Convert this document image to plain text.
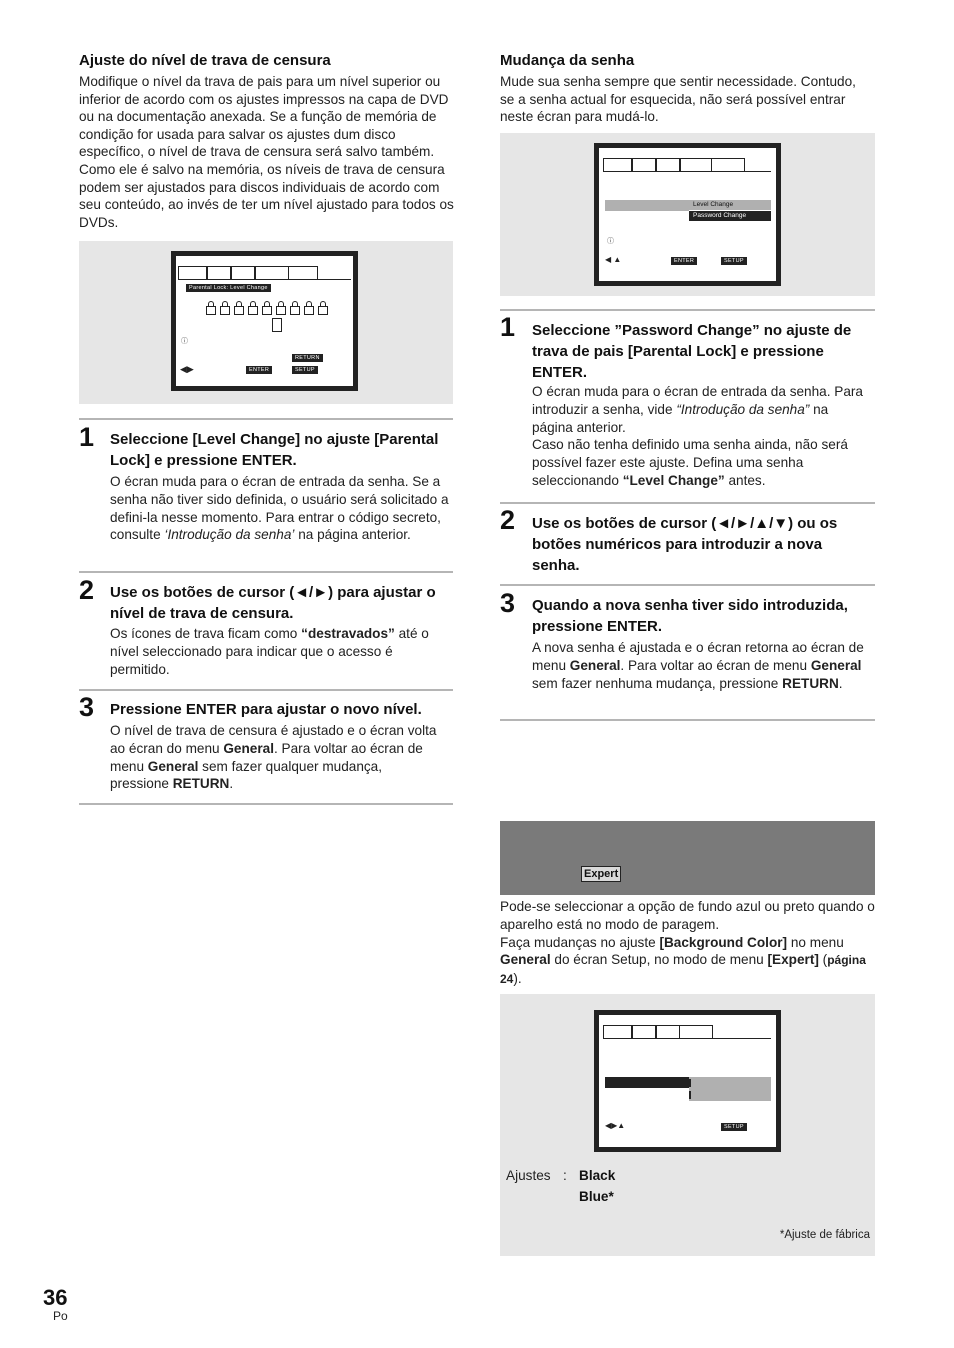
Ajuste do nível de trava de censura

Modifique o nível da trava de pais para um nível superior ou inferior de acordo com os ajustes impressos na capa de DVD ou na documentação anexada. Se a função de memória de condição for usada para salvar os ajustes dum disco específico, o nível de trava de censura será salvo também. Como ele é salvo na memória, os níveis de trava de censura podem ser ajustados para discos individuais de acordo com seu conteúdo, ao invés de ter um nível ajustado para todos os DVDs.

Parental Lock: Level Change
ⓘ
RETURN
◀▶	ENTER	SETUP
1 Seleccione [Level Change] no ajuste [Parental Lock] e pressione ENTER.
O écran muda para o écran de entrada da senha. Se a senha não tiver sido definida, o usuário será solicitado a defini-la nesse momento. Para entrar o código secreto, consulte ‘Introdução da senha’ na página anterior.
2 Use os botões de cursor (◄/►) para ajustar o nível de trava de censura.
Os ícones de trava ficam como “destravados” até o nível seleccionado para indicar que o acesso é permitido.
3 Pressione ENTER para ajustar o novo nível.
O nível de trava de censura é ajustado e o écran volta ao écran do menu General. Para voltar ao écran de menu General sem fazer qualquer mudança, pressione RETURN.
Mudança da senha

Mude sua senha sempre que sentir necessidade. Contudo, se a senha actual for esquecida, não será possível entrar neste écran para mudá-lo.

Level Change
Password Change
ⓘ
◀ ▲	ENTER	SETUP
1 Seleccione ”Password Change” no ajuste de trava de pais [Parental Lock] e pressione ENTER.
O écran muda para o écran de entrada da senha. Para introduzir a senha, vide “Introdução da senha” na página anterior.
Caso não tenha definido uma senha ainda, não será possível fazer este ajuste. Defina uma senha seleccionando “Level Change” antes.
2 Use os botões de cursor (◄/►/▲/▼) ou os botões numéricos para introduzir a nova senha.
3 Quando a nova senha tiver sido introduzida, pressione ENTER.
A nova senha é ajustada e o écran retorna ao écran de menu General. Para voltar ao écran de menu General sem fazer nenhuma mudança, pressione RETURN.
Expert
Pode-se seleccionar a opção de fundo azul ou preto quando o aparelho está no modo de paragem.
Faça mudanças no ajuste [Background Color] no menu General do écran Setup, no modo de menu [Expert] (página 24).
◀▶▲	SETUP
Ajustes : Black
Blue*
*Ajuste de fábrica
36
Po
